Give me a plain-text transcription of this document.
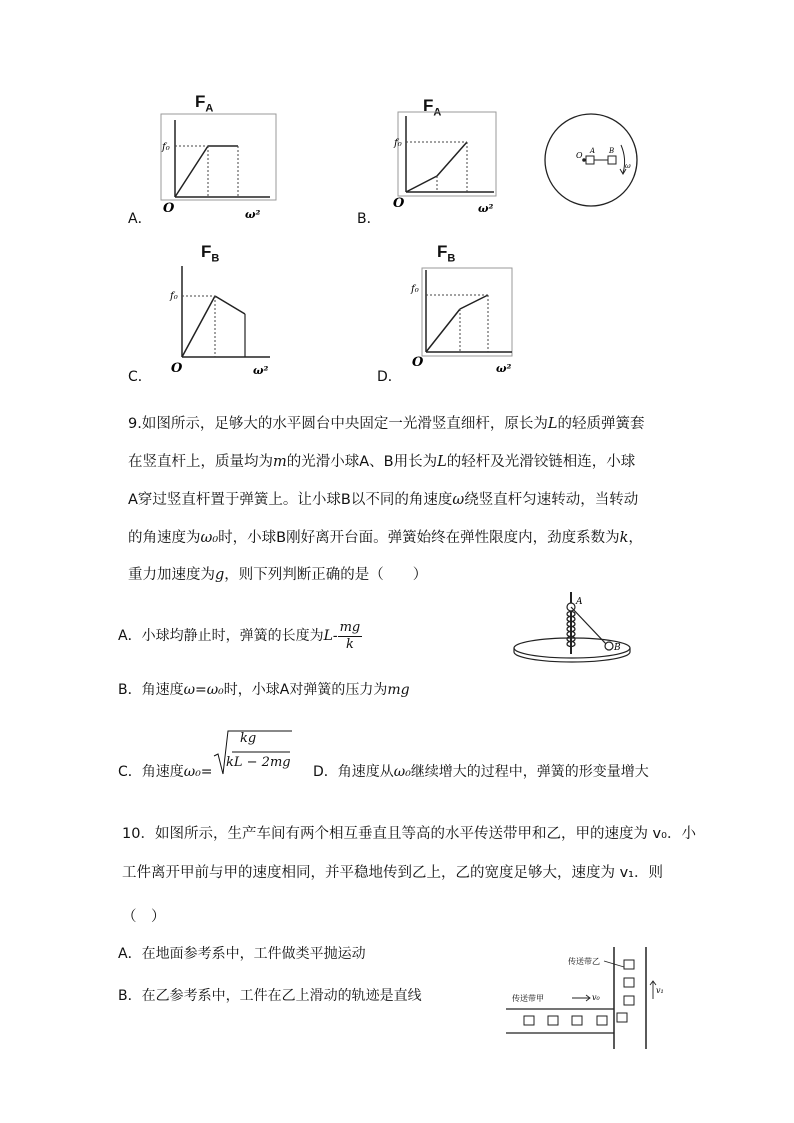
A．
$F_A$
f₀
O	ω²	B．
$F_A$
f₀
O	ω²
O A B
ω
C．
$F_B$
f₀
O	ω²	D．
$F_B$
f₀
O	ω²
9.如图所示，足够大的水平圆台中央固定一光滑竖直细杆，原长为L的轻质弹簧套
在竖直杆上，质量均为m的光滑小球A、B用长为L的轻杆及光滑铰链相连，小球
A穿过竖直杆置于弹簧上。让小球B以不同的角速度ω绕竖直杆匀速转动，当转动
的角速度为ω₀时，小球B刚好离开台面。弹簧始终在弹性限度内，劲度系数为k，
重力加速度为g，则下列判断正确的是（　　）
A．小球均静止时，弹簧的长度为$L- \frac{mg}{k}$
B．角速度ω=ω₀时，小球A对弹簧的压力为mg
C．角速度ω₀=
kg
kL − 2mg
D．角速度从ω₀继续增大的过程中，弹簧的形变量增大
A
B
10．如图所示，生产车间有两个相互垂直且等高的水平传送带甲和乙，甲的速度为 v₀．小
工件离开甲前与甲的速度相同，并平稳地传到乙上，乙的宽度足够大，速度为 v₁．则
（　）
A．在地面参考系中，工件做类平抛运动
B．在乙参考系中，工件在乙上滑动的轨迹是直线
传送带乙
传送带甲	v₀
v₁
